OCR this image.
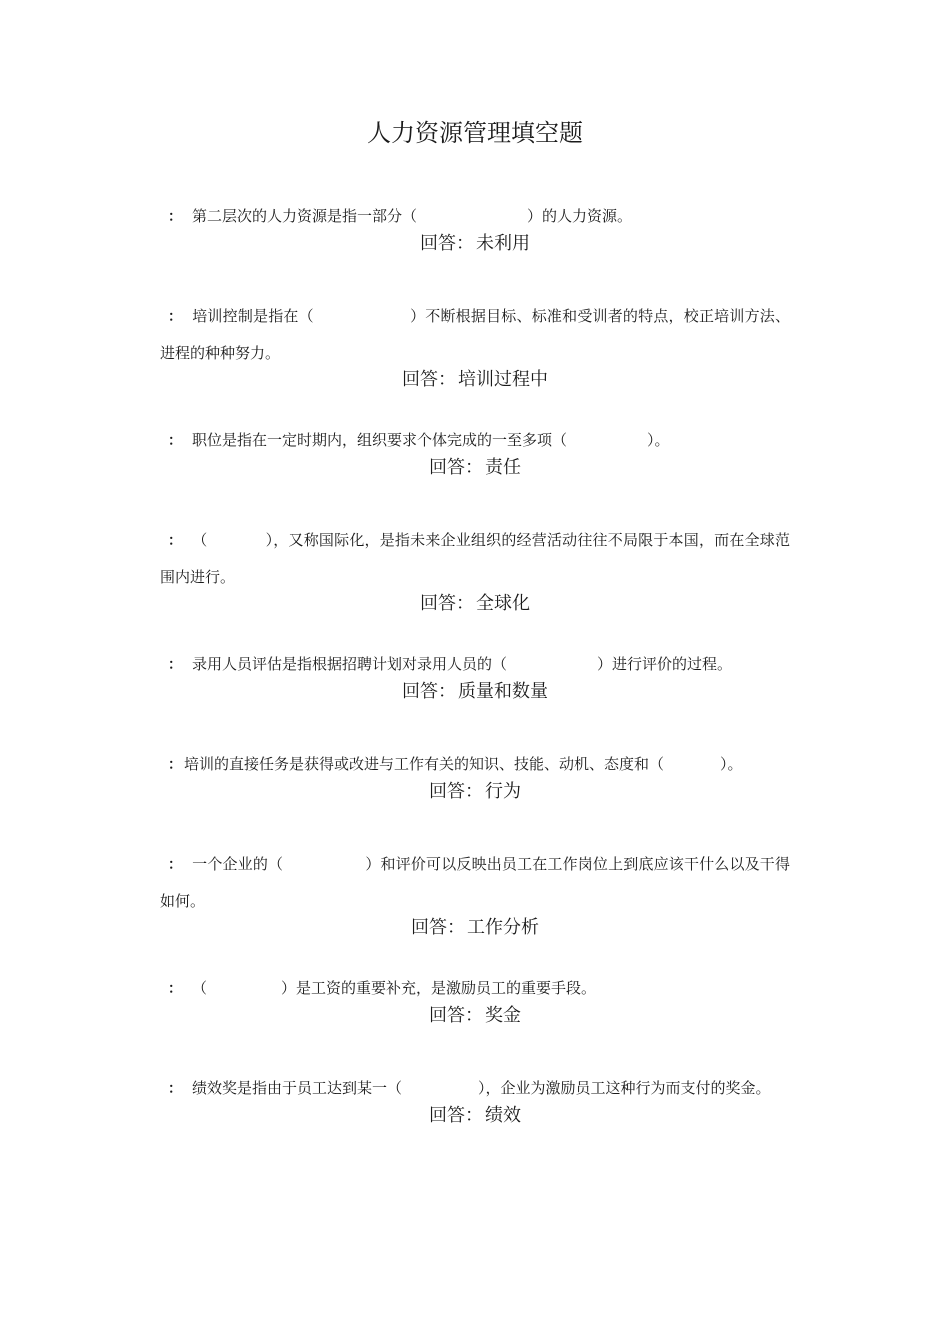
人力资源管理填空题
： 第二层次的人力资源是指一部分（	）的人力资源。
回答： 未利用
： 培训控制是指在（	）不断根据目标、标准和受训者的特点，校正培训方法、进程的种种努力。
回答： 培训过程中
： 职位是指在一定时期内，组织要求个体完成的一至多项（	）。
回答： 责任
： （	），又称国际化，是指未来企业组织的经营活动往往不局限于本国，而在全球范围内进行。
回答： 全球化
： 录用人员评估是指根据招聘计划对录用人员的（	）进行评价的过程。
回答： 质量和数量
： 培训的直接任务是获得或改进与工作有关的知识、技能、动机、态度和（	）。
回答： 行为
： 一个企业的（	）和评价可以反映出员工在工作岗位上到底应该干什么以及干得如何。
回答： 工作分析
： （	）是工资的重要补充，是激励员工的重要手段。
回答： 奖金
： 绩效奖是指由于员工达到某一（	），企业为激励员工这种行为而支付的奖金。
回答： 绩效
